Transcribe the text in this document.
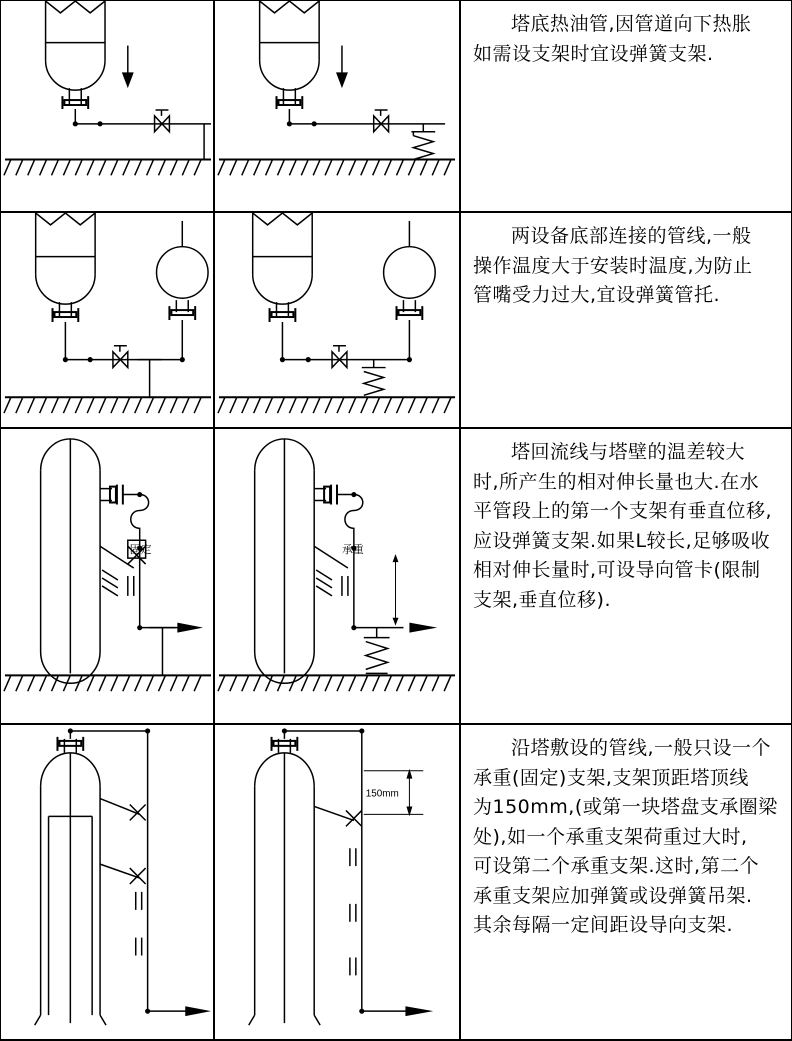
塔底热油管,因管道向下热胀

如需设支架时宜设弹簧支架.

两设备底部连接的管线,一般

操作温度大于安装时温度,为防止

管嘴受力过大,宜设弹簧管托.

固定	承重

塔回流线与塔壁的温差较大

时,所产生的相对伸长量也大.在水

平管段上的第一个支架有垂直位移,

应设弹簧支架.如果L较长,足够吸收

相对伸长量时,可设导向管卡(限制

支架,垂直位移).

150mm

沿塔敷设的管线,一般只设一个

承重(固定)支架,支架顶距塔顶线

为150mm,(或第一块塔盘支承圈梁

处),如一个承重支架荷重过大时,

可设第二个承重支架.这时,第二个

承重支架应加弹簧或设弹簧吊架.

其余每隔一定间距设导向支架.
